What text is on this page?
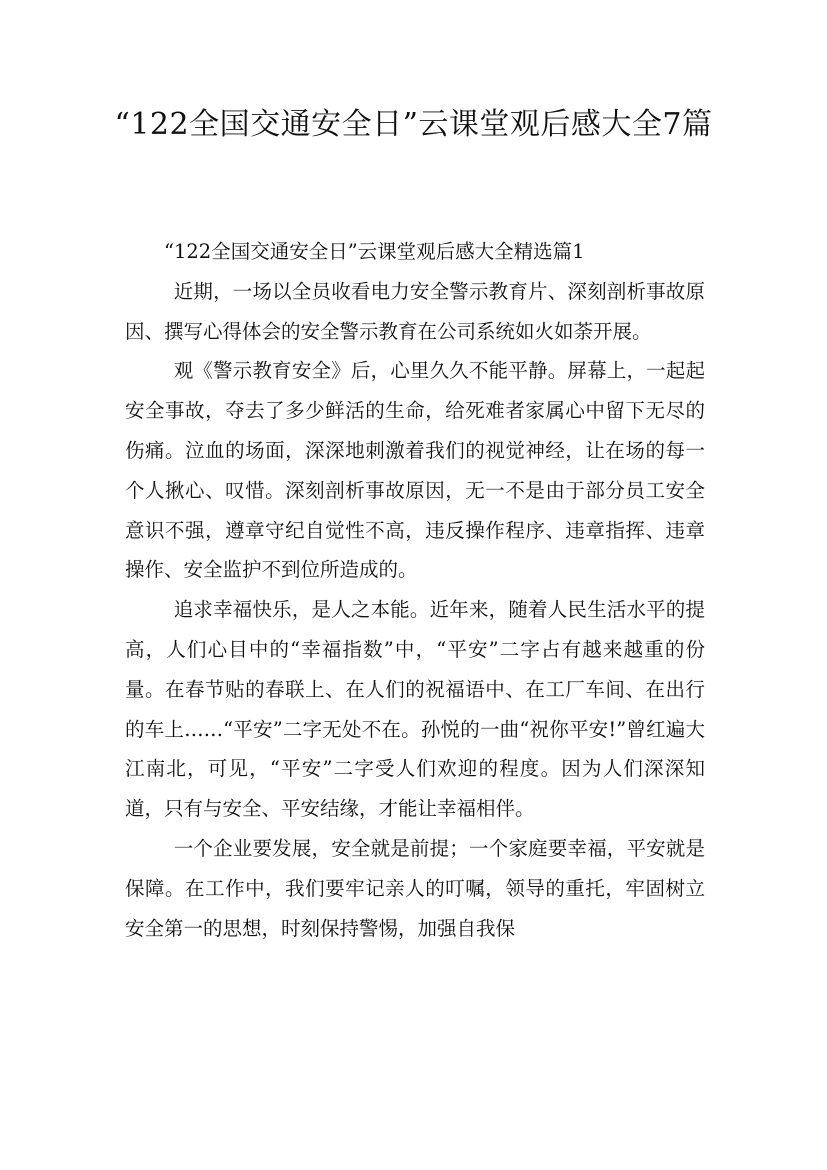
“122全国交通安全日”云课堂观后感大全7篇

“122全国交通安全日”云课堂观后感大全精选篇1

近期，一场以全员收看电力安全警示教育片、深刻剖析事故原因、撰写心得体会的安全警示教育在公司系统如火如荼开展。

观《警示教育安全》后，心里久久不能平静。屏幕上，一起起安全事故，夺去了多少鲜活的生命，给死难者家属心中留下无尽的伤痛。泣血的场面，深深地刺激着我们的视觉神经，让在场的每一个人揪心、叹惜。深刻剖析事故原因，无一不是由于部分员工安全意识不强，遵章守纪自觉性不高，违反操作程序、违章指挥、违章操作、安全监护不到位所造成的。

追求幸福快乐，是人之本能。近年来，随着人民生活水平的提高，人们心目中的“幸福指数”中，“平安”二字占有越来越重的份量。在春节贴的春联上、在人们的祝福语中、在工厂车间、在出行的车上……“平安”二字无处不在。孙悦的一曲“祝你平安!”曾红遍大江南北，可见，“平安”二字受人们欢迎的程度。因为人们深深知道，只有与安全、平安结缘，才能让幸福相伴。

一个企业要发展，安全就是前提；一个家庭要幸福，平安就是保障。在工作中，我们要牢记亲人的叮嘱，领导的重托，牢固树立安全第一的思想，时刻保持警惕，加强自我保
